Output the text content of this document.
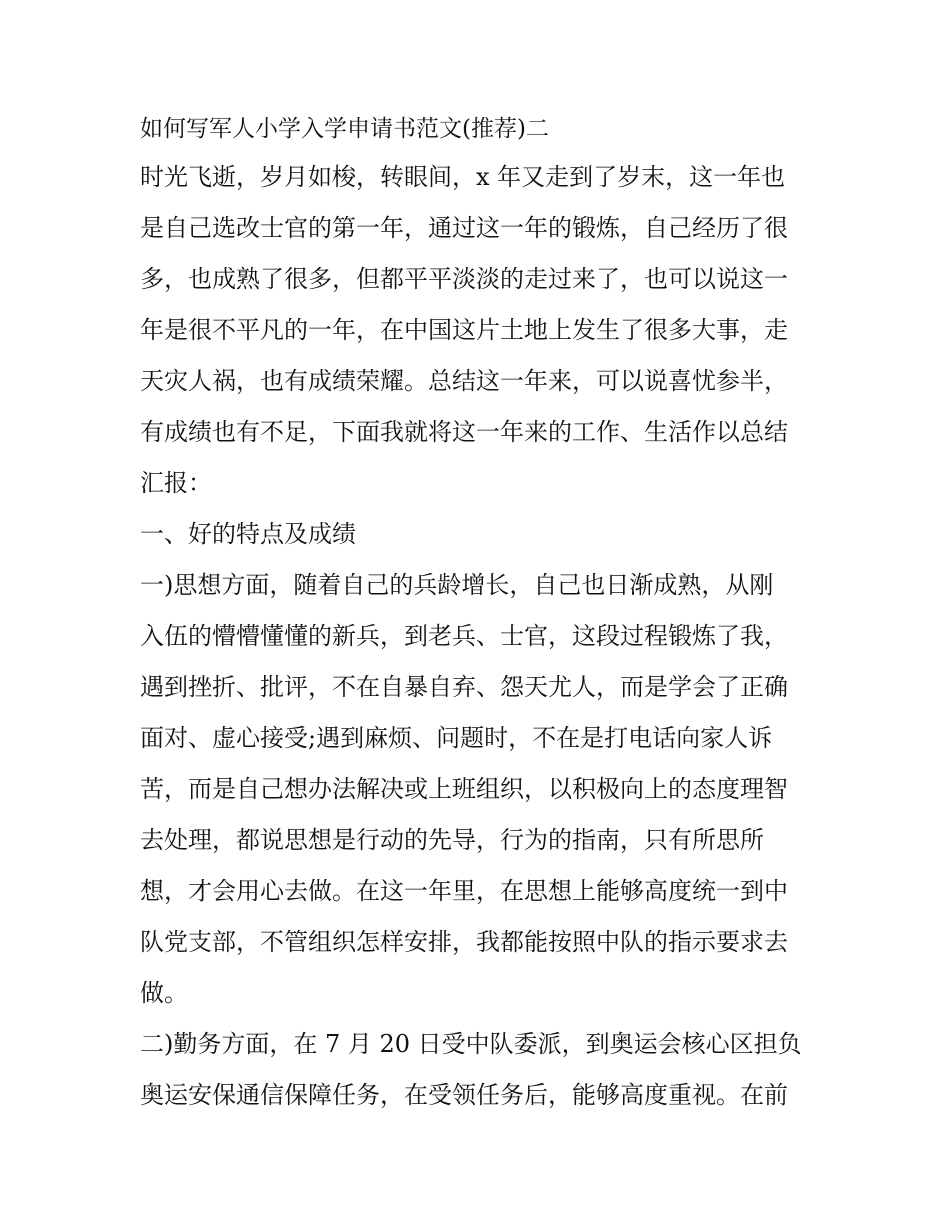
如何写军人小学入学申请书范文(推荐)二
时光飞逝，岁月如梭，转眼间，x 年又走到了岁末，这一年也
是自己选改士官的第一年，通过这一年的锻炼，自己经历了很
多，也成熟了很多，但都平平淡淡的走过来了，也可以说这一
年是很不平凡的一年，在中国这片土地上发生了很多大事，走
天灾人祸，也有成绩荣耀。总结这一年来，可以说喜忧参半，
有成绩也有不足，下面我就将这一年来的工作、生活作以总结
汇报：
一、好的特点及成绩
一)思想方面，随着自己的兵龄增长，自己也日渐成熟，从刚
入伍的懵懵懂懂的新兵，到老兵、士官，这段过程锻炼了我，
遇到挫折、批评，不在自暴自弃、怨天尤人，而是学会了正确
面对、虚心接受;遇到麻烦、问题时，不在是打电话向家人诉
苦，而是自己想办法解决或上班组织，以积极向上的态度理智
去处理，都说思想是行动的先导，行为的指南，只有所思所
想，才会用心去做。在这一年里，在思想上能够高度统一到中
队党支部，不管组织怎样安排，我都能按照中队的指示要求去
做。
二)勤务方面，在 7 月 20 日受中队委派，到奥运会核心区担负
奥运安保通信保障任务，在受领任务后，能够高度重视。在前
